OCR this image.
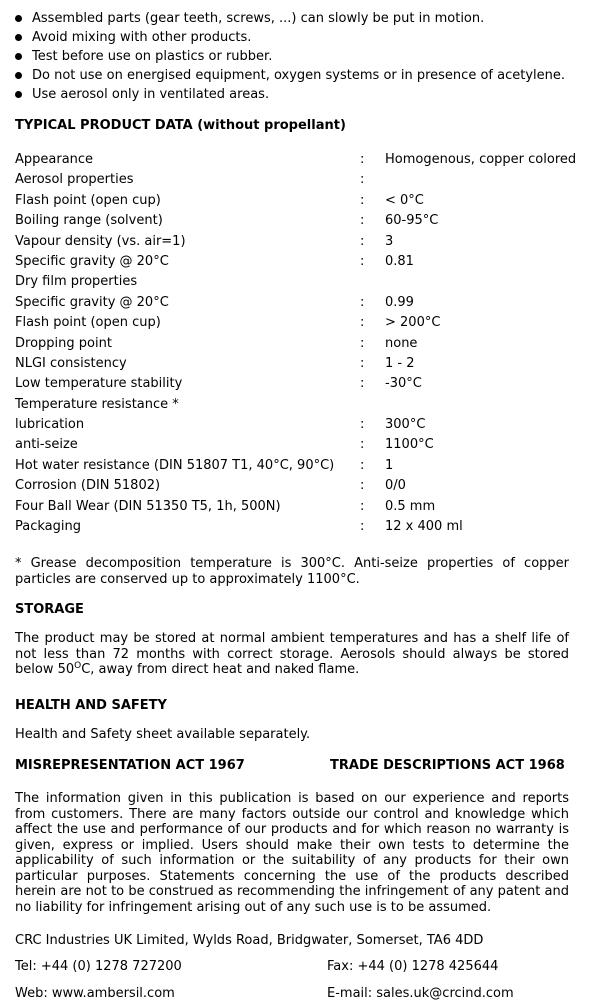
Assembled parts (gear teeth, screws, ...) can slowly be put in motion.
Avoid mixing with other products.
Test before use on plastics or rubber.
Do not use on energised equipment, oxygen systems or in presence of acetylene.
Use aerosol only in ventilated areas.
TYPICAL PRODUCT DATA (without propellant)
Appearance	: Homogenous, copper colored
Aerosol properties	:
Flash point (open cup)	: < 0°C
Boiling range (solvent)	: 60-95°C
Vapour density (vs. air=1)	: 3
Specific gravity @ 20°C	: 0.81
Dry film properties
Specific gravity @ 20°C	: 0.99
Flash point (open cup)	: > 200°C
Dropping point	: none
NLGI consistency	: 1 - 2
Low temperature stability	: -30°C
Temperature resistance *
lubrication	: 300°C
anti-seize	: 1100°C
Hot water resistance (DIN 51807 T1, 40°C, 90°C) : 1
Corrosion (DIN 51802)	: 0/0
Four Ball Wear (DIN 51350 T5, 1h, 500N)	: 0.5 mm
Packaging	: 12 x 400 ml
* Grease decomposition temperature is 300°C. Anti-seize properties of copper particles are conserved up to approximately 1100°C.
STORAGE
The product may be stored at normal ambient temperatures and has a shelf life of not less than 72 months with correct storage. Aerosols should always be stored below $50^OC$, away from direct heat and naked flame.
HEALTH AND SAFETY
Health and Safety sheet available separately.
MISREPRESENTATION ACT 1967	TRADE DESCRIPTIONS ACT 1968
The information given in this publication is based on our experience and reports from customers. There are many factors outside our control and knowledge which affect the use and performance of our products and for which reason no warranty is given, express or implied. Users should make their own tests to determine the applicability of such information or the suitability of any products for their own particular purposes. Statements concerning the use of the products described herein are not to be construed as recommending the infringement of any patent and no liability for infringement arising out of any such use is to be assumed.
CRC Industries UK Limited, Wylds Road, Bridgwater, Somerset, TA6 4DD
Tel: +44 (0) 1278 727200	Fax: +44 (0) 1278 425644
Web: www.ambersil.com	E-mail: sales.uk@crcind.com
